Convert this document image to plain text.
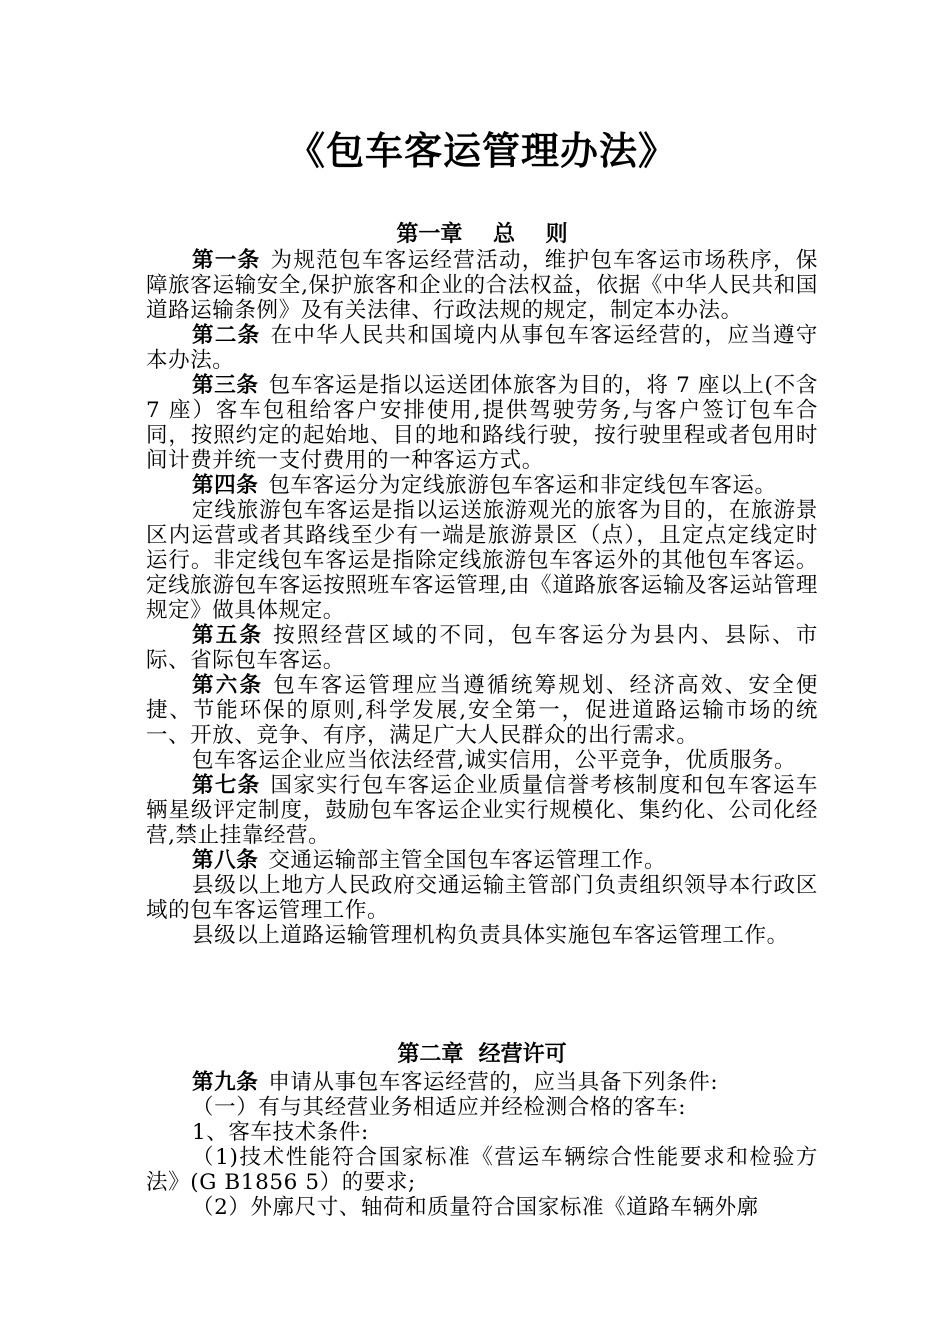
《包车客运管理办法》
第一章    总    则

第一条 为规范包车客运经营活动，维护包车客运市场秩序，保障旅客运输安全,保护旅客和企业的合法权益，依据《中华人民共和国道路运输条例》及有关法律、行政法规的规定，制定本办法。

第二条 在中华人民共和国境内从事包车客运经营的，应当遵守本办法。

第三条 包车客运是指以运送团体旅客为目的，将 7 座以上(不含 7 座）客车包租给客户安排使用,提供驾驶劳务,与客户签订包车合同，按照约定的起始地、目的地和路线行驶，按行驶里程或者包用时间计费并统一支付费用的一种客运方式。

第四条 包车客运分为定线旅游包车客运和非定线包车客运。

定线旅游包车客运是指以运送旅游观光的旅客为目的，在旅游景区内运营或者其路线至少有一端是旅游景区（点），且定点定线定时运行。非定线包车客运是指除定线旅游包车客运外的其他包车客运。定线旅游包车客运按照班车客运管理,由《道路旅客运输及客运站管理规定》做具体规定。

第五条 按照经营区域的不同，包车客运分为县内、县际、市际、省际包车客运。

第六条 包车客运管理应当遵循统筹规划、经济高效、安全便捷、节能环保的原则,科学发展,安全第一，促进道路运输市场的统一、开放、竞争、有序，满足广大人民群众的出行需求。

包车客运企业应当依法经营,诚实信用，公平竞争，优质服务。

第七条 国家实行包车客运企业质量信誉考核制度和包车客运车辆星级评定制度，鼓励包车客运企业实行规模化、集约化、公司化经营,禁止挂靠经营。

第八条 交通运输部主管全国包车客运管理工作。

县级以上地方人民政府交通运输主管部门负责组织领导本行政区域的包车客运管理工作。

县级以上道路运输管理机构负责具体实施包车客运管理工作。

第二章  经营许可

第九条 申请从事包车客运经营的，应当具备下列条件:

（一）有与其经营业务相适应并经检测合格的客车:

1、客车技术条件:

（1)技术性能符合国家标准《营运车辆综合性能要求和检验方法》(G B1856 5）的要求;

（2）外廓尺寸、轴荷和质量符合国家标准《道路车辆外廓
